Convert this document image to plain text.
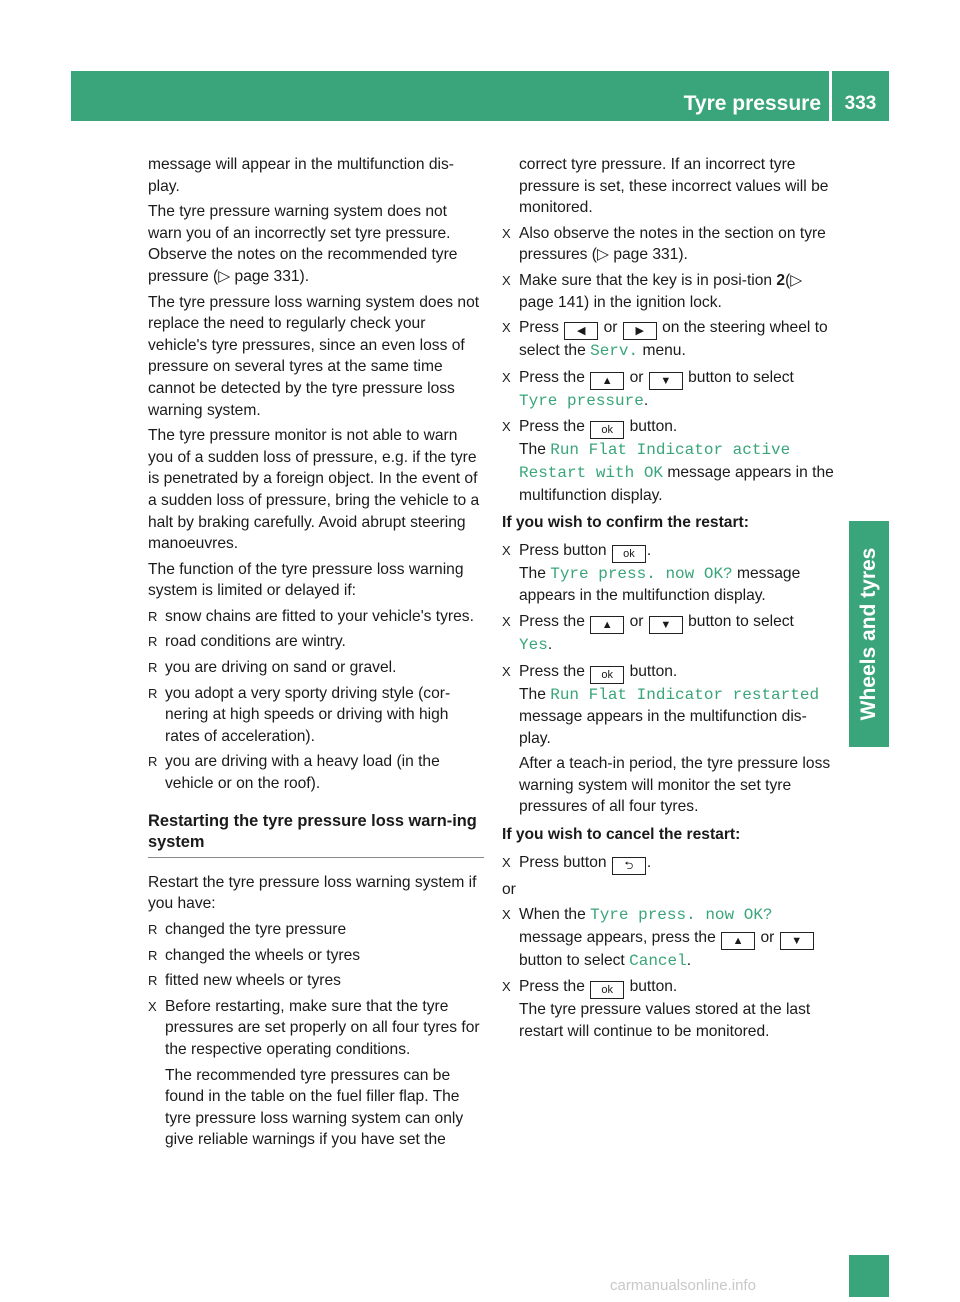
Tyre pressure	333
Wheels and tyres

message will appear in the multifunction dis-play.

The tyre pressure warning system does not warn you of an incorrectly set tyre pressure. Observe the notes on the recommended tyre pressure (▷ page 331).

The tyre pressure loss warning system does not replace the need to regularly check your vehicle's tyre pressures, since an even loss of pressure on several tyres at the same time cannot be detected by the tyre pressure loss warning system.

The tyre pressure monitor is not able to warn you of a sudden loss of pressure, e.g. if the tyre is penetrated by a foreign object. In the event of a sudden loss of pressure, bring the vehicle to a halt by braking carefully. Avoid abrupt steering manoeuvres.

The function of the tyre pressure loss warning system is limited or delayed if:

R snow chains are fitted to your vehicle's tyres.
R road conditions are wintry.
R you are driving on sand or gravel.
R you adopt a very sporty driving style (cor-nering at high speeds or driving with high rates of acceleration).
R you are driving with a heavy load (in the vehicle or on the roof).
Restarting the tyre pressure loss warn-ing system

Restart the tyre pressure loss warning system if you have:

R changed the tyre pressure
R changed the wheels or tyres
R fitted new wheels or tyres
X Before restarting, make sure that the tyre pressures are set properly on all four tyres for the respective operating conditions.
The recommended tyre pressures can be found in the table on the fuel filler flap. The tyre pressure loss warning system can only give reliable warnings if you have set the
correct tyre pressure. If an incorrect tyre pressure is set, these incorrect values will be monitored.
X Also observe the notes in the section on tyre pressures (▷ page 331).
X Make sure that the key is in posi-tion 2(▷ page 141) in the ignition lock.
X Press ◀ or ▶ on the steering wheel to select the Serv. menu.
X Press the ▲ or ▼ button to select
Tyre pressure.
X Press the ok button.
The Run Flat Indicator active
Restart with OK message appears in the multifunction display.
If you wish to confirm the restart:
X Press button ok .
The Tyre press. now OK? message appears in the multifunction display.
X Press the ▲ or ▼ button to select
Yes.
X Press the ok button.
The Run Flat Indicator restarted
message appears in the multifunction dis-play.
After a teach-in period, the tyre pressure loss warning system will monitor the set tyre pressures of all four tyres.
If you wish to cancel the restart:
X Press button ⮌ .

or

X When the Tyre press. now OK? message appears, press the ▲ or ▼ button to select Cancel.
X Press the ok button.
The tyre pressure values stored at the last restart will continue to be monitored.
carmanualsonline.info
